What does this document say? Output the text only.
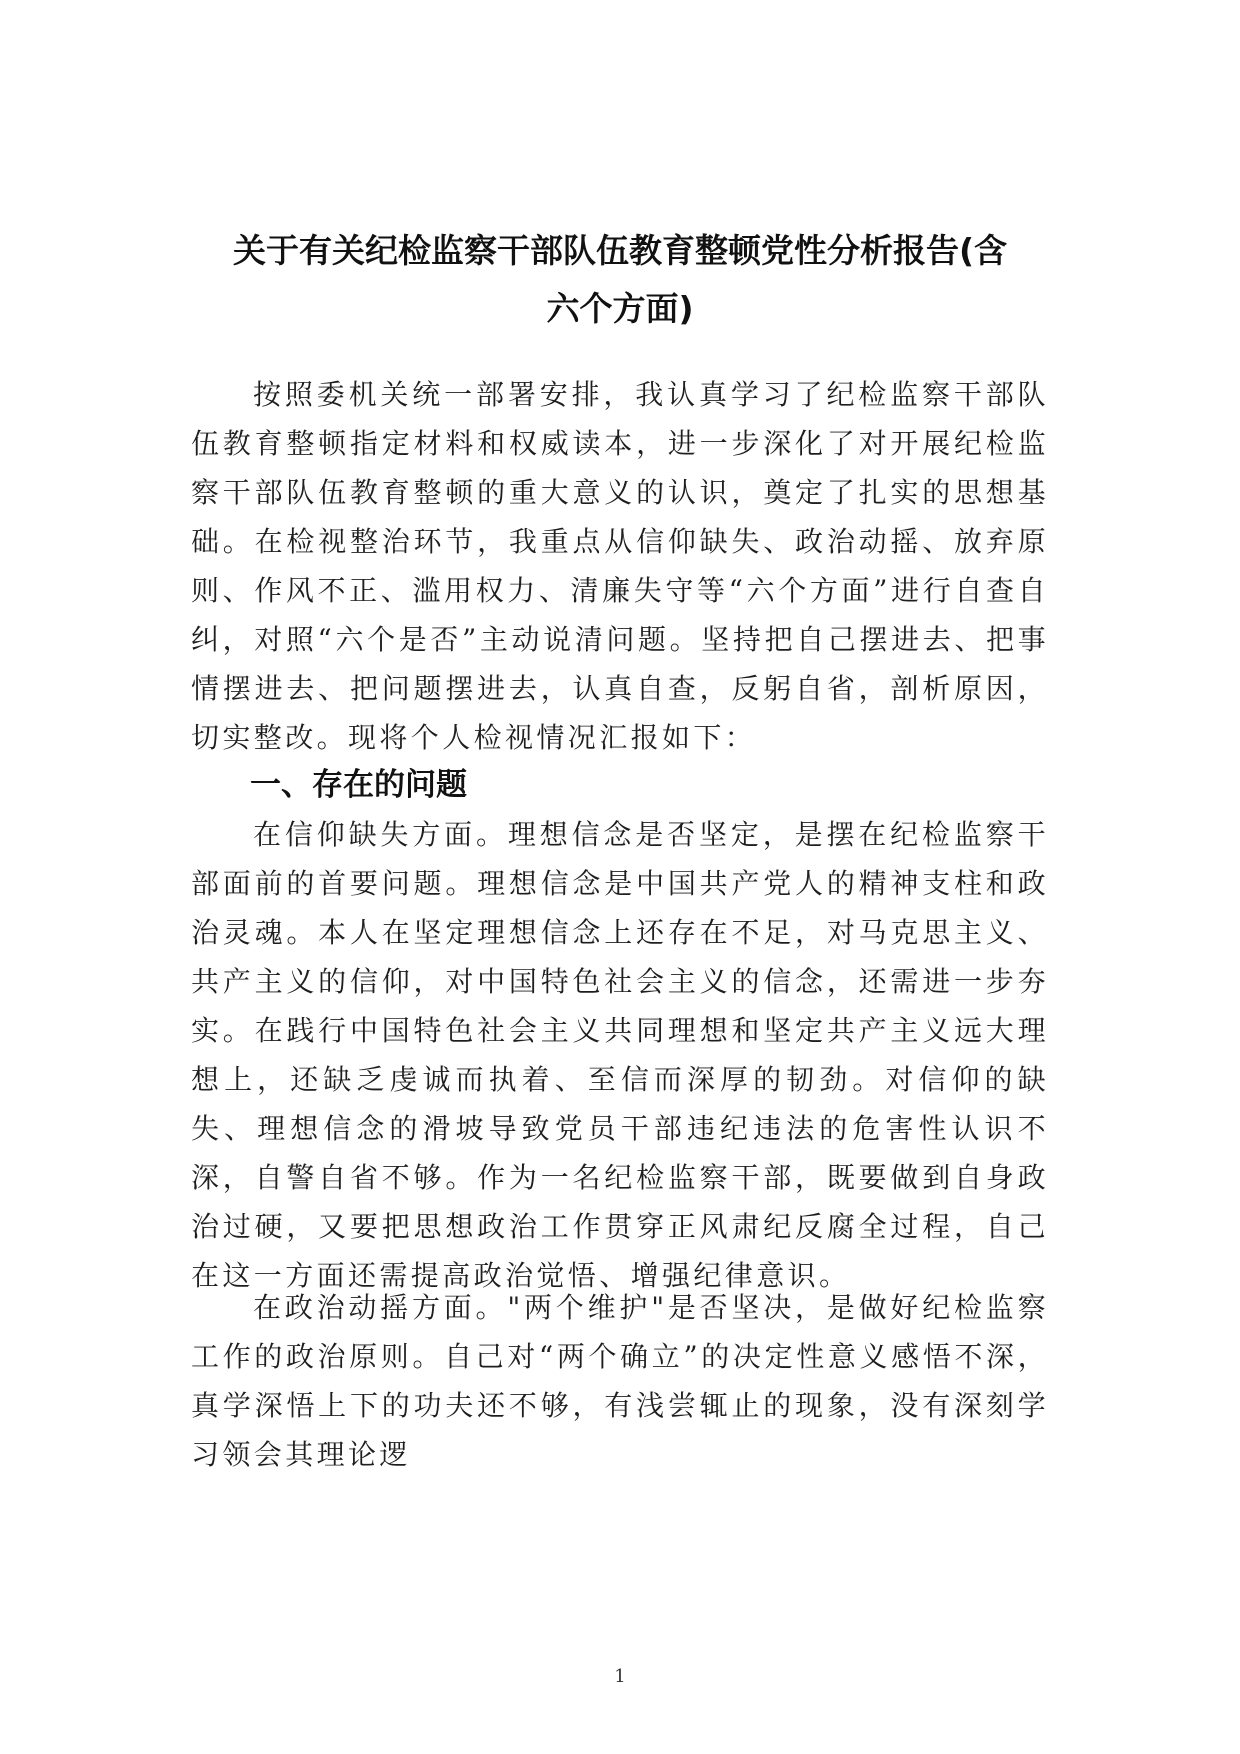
关于有关纪检监察干部队伍教育整顿党性分析报告(含
六个方面)

按照委机关统一部署安排，我认真学习了纪检监察干部队伍教育整顿指定材料和权威读本，进一步深化了对开展纪检监察干部队伍教育整顿的重大意义的认识，奠定了扎实的思想基础。在检视整治环节，我重点从信仰缺失、政治动摇、放弃原则、作风不正、滥用权力、清廉失守等“六个方面”进行自查自纠，对照“六个是否”主动说清问题。坚持把自己摆进去、把事情摆进去、把问题摆进去，认真自查，反躬自省，剖析原因，切实整改。现将个人检视情况汇报如下：

一、存在的问题

在信仰缺失方面。理想信念是否坚定，是摆在纪检监察干部面前的首要问题。理想信念是中国共产党人的精神支柱和政治灵魂。本人在坚定理想信念上还存在不足，对马克思主义、共产主义的信仰，对中国特色社会主义的信念，还需进一步夯实。在践行中国特色社会主义共同理想和坚定共产主义远大理想上，还缺乏虔诚而执着、至信而深厚的韧劲。对信仰的缺失、理想信念的滑坡导致党员干部违纪违法的危害性认识不深，自警自省不够。作为一名纪检监察干部，既要做到自身政治过硬，又要把思想政治工作贯穿正风肃纪反腐全过程，自己在这一方面还需提高政治觉悟、增强纪律意识。

在政治动摇方面。"两个维护"是否坚决，是做好纪检监察工作的政治原则。自己对“两个确立”的决定性意义感悟不深，真学深悟上下的功夫还不够，有浅尝辄止的现象，没有深刻学习领会其理论逻

1
